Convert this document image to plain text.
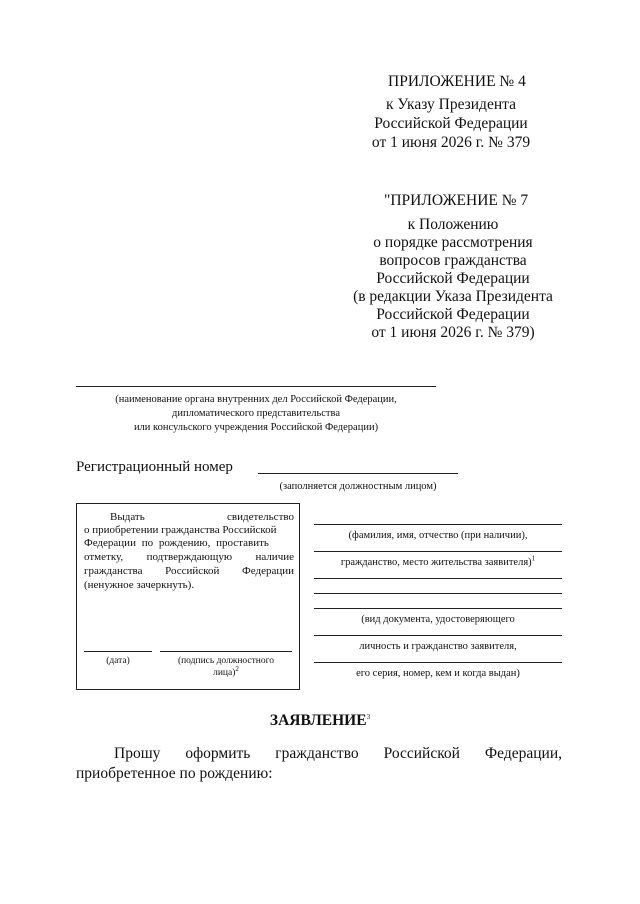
ПРИЛОЖЕНИЕ № 4
к Указу Президента
Российской Федерации
от 1 июня 2026 г. № 379
"ПРИЛОЖЕНИЕ № 7
к Положению
о порядке рассмотрения
вопросов гражданства
Российской Федерации
(в редакции Указа Президента
Российской Федерации
от 1 июня 2026 г. № 379)
(наименование органа внутренних дел Российской Федерации,
дипломатического представительства
или консульского учреждения Российской Федерации)
Регистрационный номер
(заполняется должностным лицом)
Выдать	свидетельство
о приобретении гражданства Российской
Федерации по рождению, проставить
отметку, подтверждающую наличие
гражданства Российской Федерации
(ненужное зачеркнуть).
(дата)	(подпись должностного
лица)$^2$
(фамилия, имя, отчество (при наличии),
гражданство, место жительства заявителя)$^1$
(вид документа, удостоверяющего
личность и гражданство заявителя,
его серия, номер, кем и когда выдан)
ЗАЯВЛЕНИЕ$^3$
Прошу оформить гражданство Российской Федерации,
приобретенное по рождению:
